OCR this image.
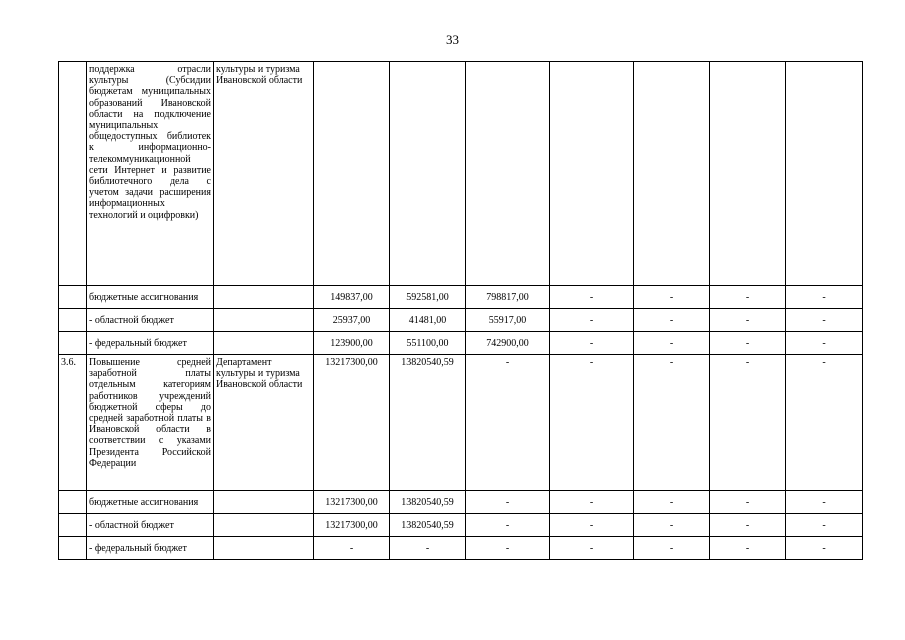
33
	поддержка отрасли культуры (Субсидии бюджетам муниципальных образований Ивановской области на подключение муниципальных общедоступных библиотек к информационно-телекоммуникационной сети Интернет и развитие библиотечного дела с учетом задачи расширения информационных технологий и оцифровки)	культуры и туризма Ивановской области							
	бюджетные ассигнования		149837,00	592581,00	798817,00	-	-	-	-
	- областной бюджет		25937,00	41481,00	55917,00	-	-	-	-
	- федеральный бюджет		123900,00	551100,00	742900,00	-	-	-	-
3.6.	Повышение средней заработной платы отдельным категориям работников учреждений бюджетной сферы до средней заработной платы в Ивановской области в соответствии с указами Президента Российской Федерации	Департамент культуры и туризма Ивановской области	13217300,00	13820540,59	-	-	-	-	-
	бюджетные ассигнования		13217300,00	13820540,59	-	-	-	-	-
	- областной бюджет		13217300,00	13820540,59	-	-	-	-	-
	- федеральный бюджет		-	-	-	-	-	-	-
